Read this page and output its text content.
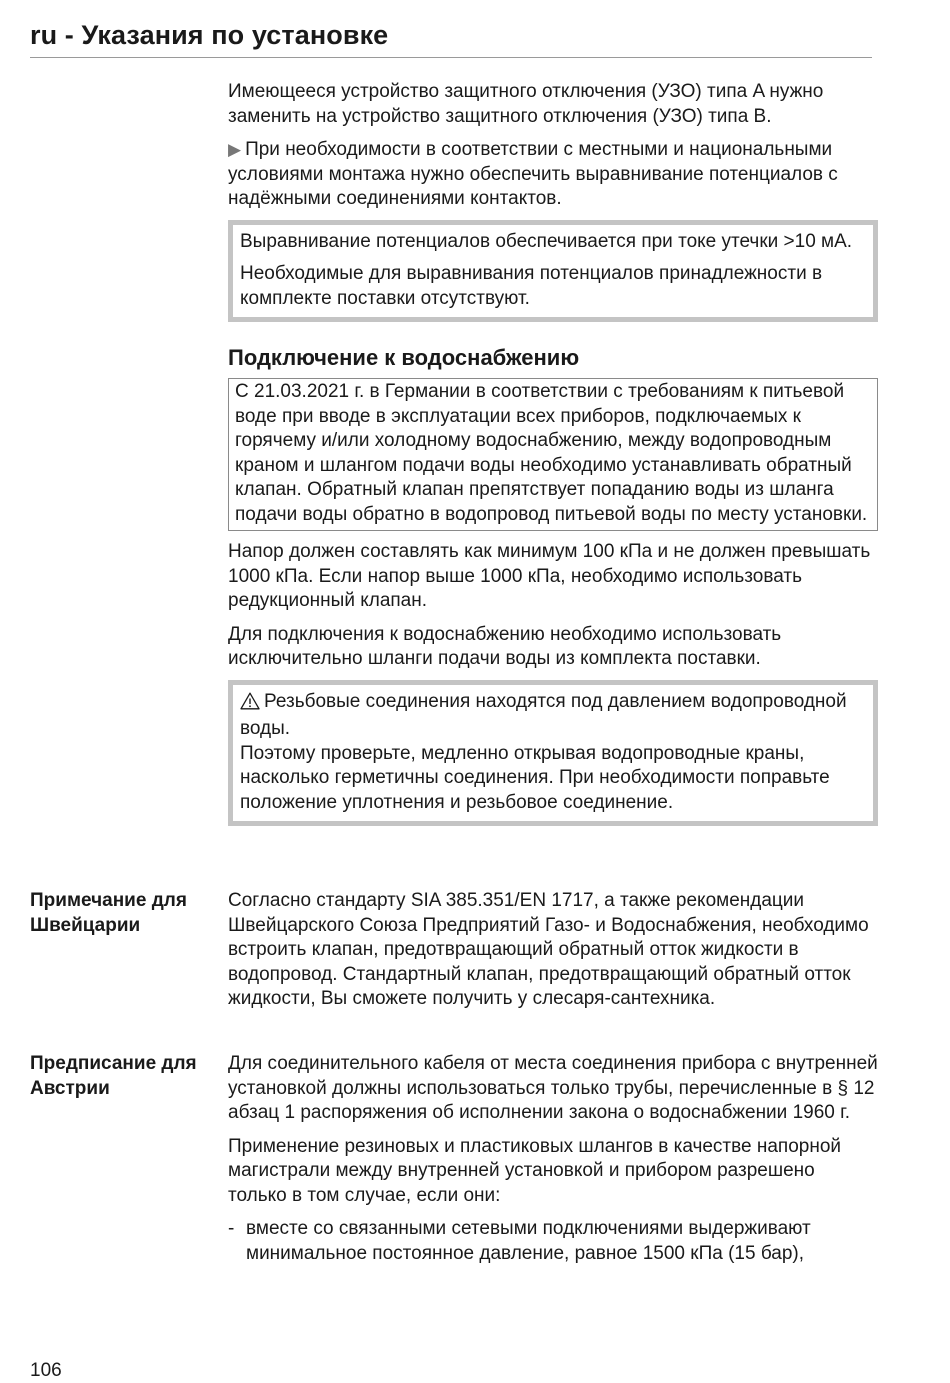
ru - Указания по установке

Имеющееся устройство защитного отключения (УЗО) типа A нужно заменить на устройство защитного отключения (УЗО) типа B.

▶ При необходимости в соответствии с местными и национальными условиями монтажа нужно обеспечить выравнивание потенциалов с надёжными соединениями контактов.

Выравнивание потенциалов обеспечивается при токе утечки >10 мА.

Необходимые для выравнивания потенциалов принадлежности в комплекте поставки отсутствуют.

Подключение к водоснабжению

С 21.03.2021 г. в Германии в соответствии с требованиям к питьевой воде при вводе в эксплуатации всех приборов, подключаемых к горячему и/или холодному водоснабжению, между водопроводным краном и шлангом подачи воды необходимо устанавливать обратный клапан. Обратный клапан препятствует попаданию воды из шланга подачи воды обратно в водопровод питьевой воды по месту установки.

Напор должен составлять как минимум 100 кПа и не должен превышать 1000 кПа. Если напор выше 1000 кПа, необходимо использовать редукционный клапан.

Для подключения к водоснабжению необходимо использовать исключительно шланги подачи воды из комплекта поставки.

Резьбовые соединения находятся под давлением водопроводной воды.

Поэтому проверьте, медленно открывая водопроводные краны, насколько герметичны соединения. При необходимости поправьте положение уплотнения и резьбовое соединение.

Примечание для Швейцарии

Согласно стандарту SIA 385.351/EN 1717, а также рекомендации Швейцарского Союза Предприятий Газо- и Водоснабжения, необходимо встроить клапан, предотвращающий обратный отток жидкости в водопровод. Стандартный клапан, предотвращающий обратный отток жидкости, Вы сможете получить у слесаря-сантехника.

Предписание для Австрии

Для соединительного кабеля от места соединения прибора с внутренней установкой должны использоваться только трубы, перечисленные в § 12 абзац 1 распоряжения об исполнении закона о водоснабжении 1960 г.

Применение резиновых и пластиковых шлангов в качестве напорной магистрали между внутренней установкой и прибором разрешено только в том случае, если они:

- вместе со связанными сетевыми подключениями выдерживают минимальное постоянное давление, равное 1500 кПа (15 бар),

106
